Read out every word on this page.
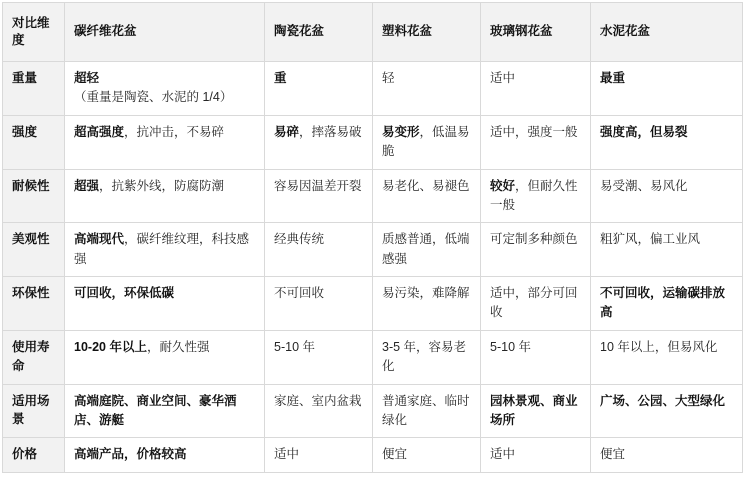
对比维度	碳纤维花盆	陶瓷花盆	塑料花盆	玻璃钢花盆	水泥花盆
重量	超轻（重量是陶瓷、水泥的 1/4）	重	轻	适中	最重
强度	超高强度，抗冲击，不易碎	易碎，摔落易破	易变形，低温易脆	适中，强度一般	强度高，但易裂
耐候性	超强，抗紫外线，防腐防潮	容易因温差开裂	易老化、易褪色	较好，但耐久性一般	易受潮、易风化
美观性	高端现代，碳纤维纹理，科技感强	经典传统	质感普通，低端感强	可定制多种颜色	粗犷风，偏工业风
环保性	可回收，环保低碳	不可回收	易污染，难降解	适中，部分可回收	不可回收，运输碳排放高
使用寿命	10-20 年以上，耐久性强	5-10 年	3-5 年，容易老化	5-10 年	10 年以上，但易风化
适用场景	高端庭院、商业空间、豪华酒店、游艇	家庭、室内盆栽	普通家庭、临时绿化	园林景观、商业场所	广场、公园、大型绿化
价格	高端产品，价格较高	适中	便宜	适中	便宜
